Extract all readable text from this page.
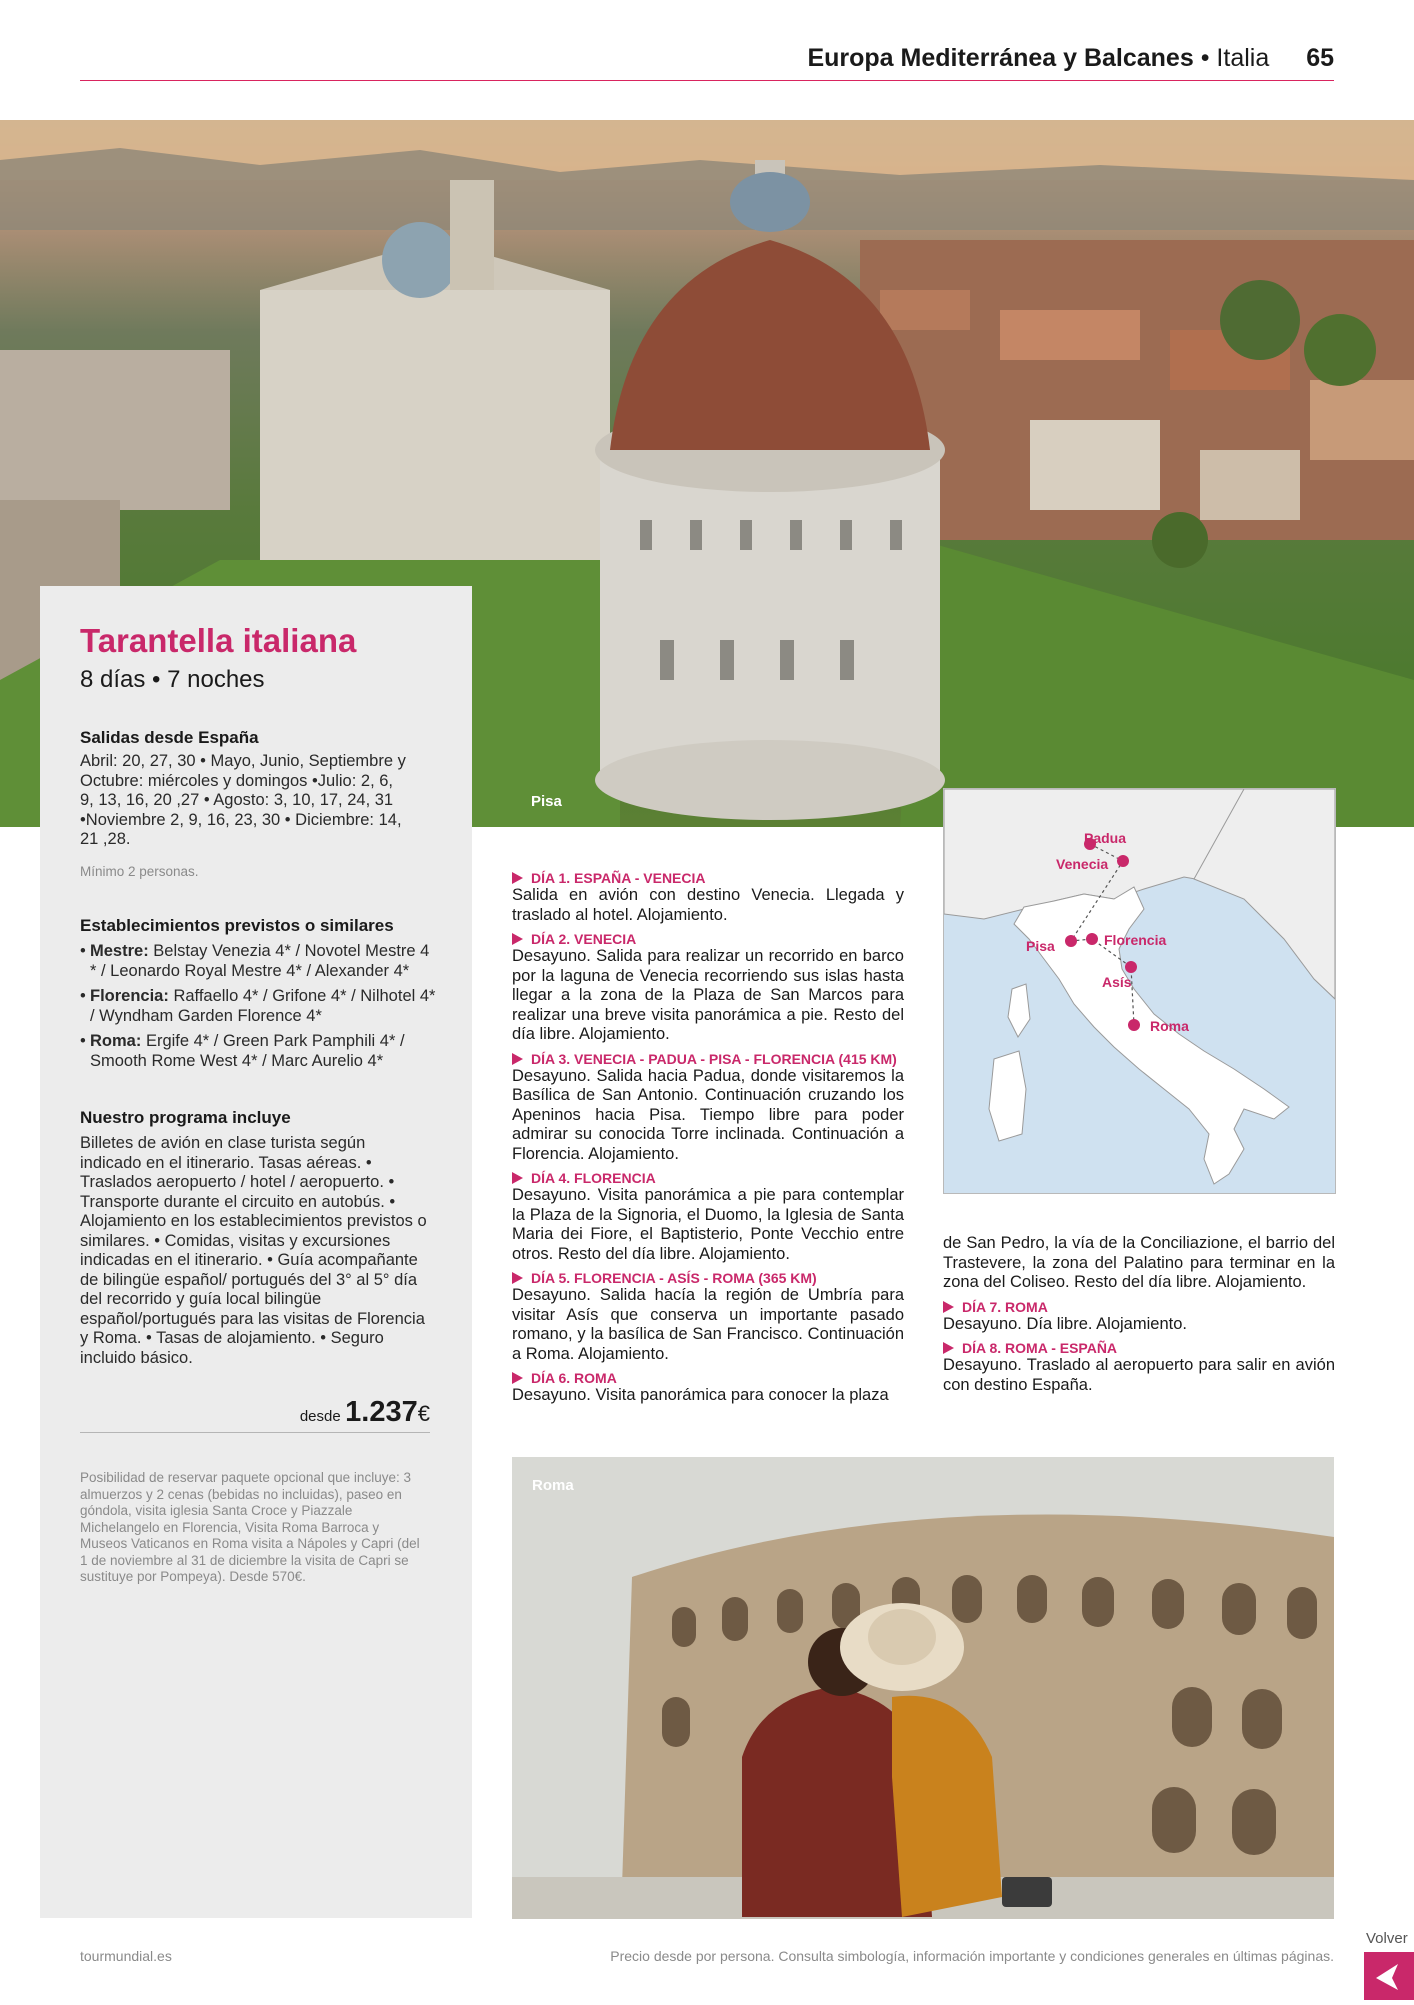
Europa Mediterránea y Balcanes • Italia 65
Pisa
Tarantella italiana
8 días • 7 noches
Salidas desde España
Abril: 20, 27, 30 • Mayo, Junio, Septiembre y Octubre: miércoles y domingos •Julio: 2, 6, 9, 13, 16, 20 ,27 • Agosto: 3, 10, 17, 24, 31 •Noviembre 2, 9, 16, 23, 30 • Diciembre: 14, 21 ,28.
Mínimo 2 personas.
Establecimientos previstos o similares
• Mestre: Belstay Venezia 4* / Novotel Mestre 4 * / Leonardo Royal Mestre 4* / Alexander 4*
• Florencia: Raffaello 4* / Grifone 4* / Nilhotel 4* / Wyndham Garden Florence 4*
• Roma: Ergife 4* / Green Park Pamphili 4* / Smooth Rome West 4* / Marc Aurelio 4*
Nuestro programa incluye
Billetes de avión en clase turista según indicado en el itinerario. Tasas aéreas. • Traslados aeropuerto / hotel / aeropuerto. • Transporte durante el circuito en autobús. • Alojamiento en los establecimientos previstos o similares. • Comidas, visitas y excursiones indicadas en el itinerario. • Guía acompañante de bilingüe español/ portugués del 3° al 5° día del recorrido y guía local bilingüe español/portugués para las visitas de Florencia y Roma. • Tasas de alojamiento. • Seguro incluido básico.
desde 1.237€
Posibilidad de reservar paquete opcional que incluye: 3 almuerzos y 2 cenas (bebidas no incluidas), paseo en góndola, visita iglesia Santa Croce y Piazzale Michelangelo en Florencia, Visita Roma Barroca y Museos Vaticanos en Roma visita a Nápoles y Capri (del 1 de noviembre al 31 de diciembre la visita de Capri se sustituye por Pompeya). Desde 570€.
DÍA 1. ESPAÑA - VENECIA
Salida en avión con destino Venecia. Llegada y traslado al hotel. Alojamiento.
DÍA 2. VENECIA
Desayuno. Salida para realizar un recorrido en barco por la laguna de Venecia recorriendo sus islas hasta llegar a la zona de la Plaza de San Marcos para realizar una breve visita panorámica a pie. Resto del día libre. Alojamiento.
DÍA 3. VENECIA - PADUA - PISA - FLORENCIA (415 KM)
Desayuno. Salida hacia Padua, donde visitaremos la Basílica de San Antonio. Continuación cruzando los Apeninos hacia Pisa. Tiempo libre para poder admirar su conocida Torre inclinada. Continuación a Florencia. Alojamiento.
DÍA 4. FLORENCIA
Desayuno. Visita panorámica a pie para contemplar la Plaza de la Signoria, el Duomo, la Iglesia de Santa Maria dei Fiore, el Baptisterio, Ponte Vecchio entre otros. Resto del día libre. Alojamiento.
DÍA 5. FLORENCIA - ASÍS - ROMA (365 KM)
Desayuno. Salida hacía la región de Umbría para visitar Asís que conserva un importante pasado romano, y la basílica de San Francisco. Continuación a Roma. Alojamiento.
DÍA 6. ROMA
Desayuno. Visita panorámica para conocer la plaza
Padua
Venecia
Pisa	Florencia
Asís
Roma
de San Pedro, la vía de la Conciliazione, el barrio del Trastevere, la zona del Palatino para terminar en la zona del Coliseo. Resto del día libre. Alojamiento.
DÍA 7. ROMA
Desayuno. Día libre. Alojamiento.
DÍA 8. ROMA - ESPAÑA
Desayuno. Traslado al aeropuerto para salir en avión con destino España.
Roma
tourmundial.es	Precio desde por persona. Consulta simbología, información importante y condiciones generales en últimas páginas.
Volver
